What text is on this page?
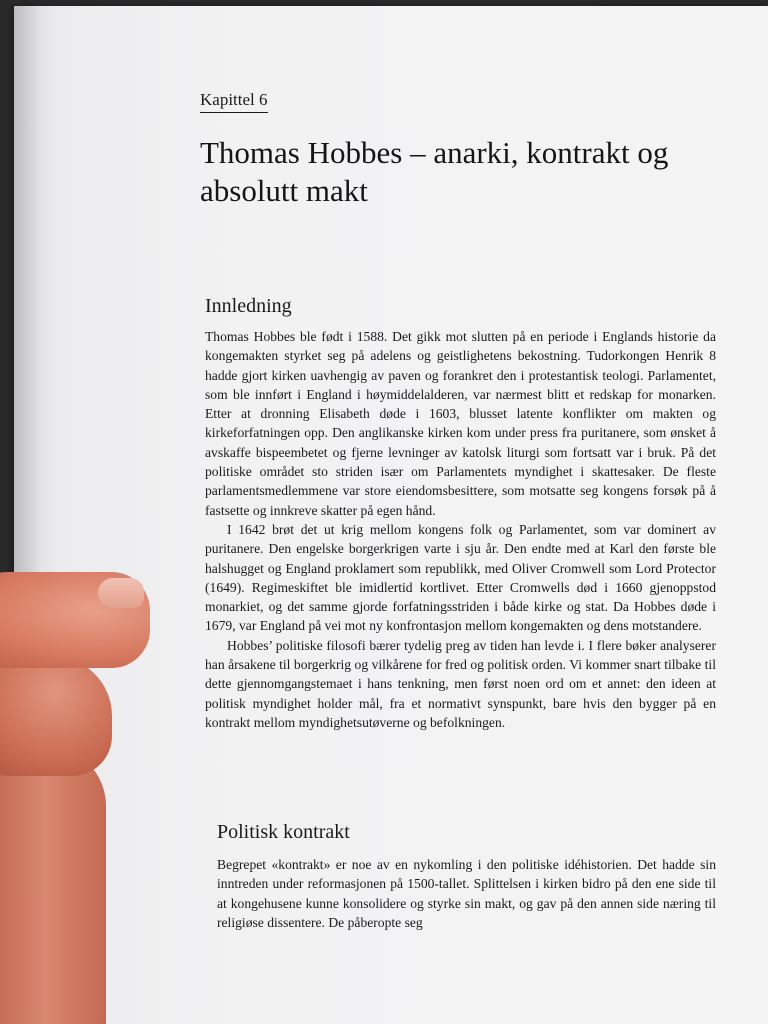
Kapittel 6
Thomas Hobbes – anarki, kontrakt og absolutt makt
Innledning

Thomas Hobbes ble født i 1588. Det gikk mot slutten på en periode i Englands historie da kongemakten styrket seg på adelens og geistlighetens bekostning. Tudorkongen Henrik 8 hadde gjort kirken uavhengig av paven og forankret den i protestantisk teologi. Parlamentet, som ble innført i England i høymiddelalderen, var nærmest blitt et redskap for monarken. Etter at dronning Elisabeth døde i 1603, blusset latente konflikter om makten og kirkeforfatningen opp. Den anglikanske kirken kom under press fra puritanere, som ønsket å avskaffe bispeembetet og fjerne levninger av katolsk liturgi som fortsatt var i bruk. På det politiske området sto striden især om Parlamentets myndighet i skattesaker. De fleste parlamentsmedlemmene var store eiendomsbesittere, som motsatte seg kongens forsøk på å fastsette og innkreve skatter på egen hånd.

I 1642 brøt det ut krig mellom kongens folk og Parlamentet, som var dominert av puritanere. Den engelske borgerkrigen varte i sju år. Den endte med at Karl den første ble halshugget og England proklamert som republikk, med Oliver Cromwell som Lord Protector (1649). Regimeskiftet ble imidlertid kortlivet. Etter Cromwells død i 1660 gjenoppstod monarkiet, og det samme gjorde forfatningsstriden i både kirke og stat. Da Hobbes døde i 1679, var England på vei mot ny konfrontasjon mellom kongemakten og dens motstandere.

Hobbes’ politiske filosofi bærer tydelig preg av tiden han levde i. I flere bøker analyserer han årsakene til borgerkrig og vilkårene for fred og politisk orden. Vi kommer snart tilbake til dette gjennomgangstemaet i hans tenkning, men først noen ord om et annet: den ideen at politisk myndighet holder mål, fra et normativt synspunkt, bare hvis den bygger på en kontrakt mellom myndighetsutøverne og befolkningen.

Politisk kontrakt

Begrepet «kontrakt» er noe av en nykomling i den politiske idéhistorien. Det hadde sin inntreden under reformasjonen på 1500-tallet. Splittelsen i kirken bidro på den ene side til at kongehusene kunne konsolidere og styrke sin makt, og gav på den annen side næring til religiøse dissentere. De påberopte seg
